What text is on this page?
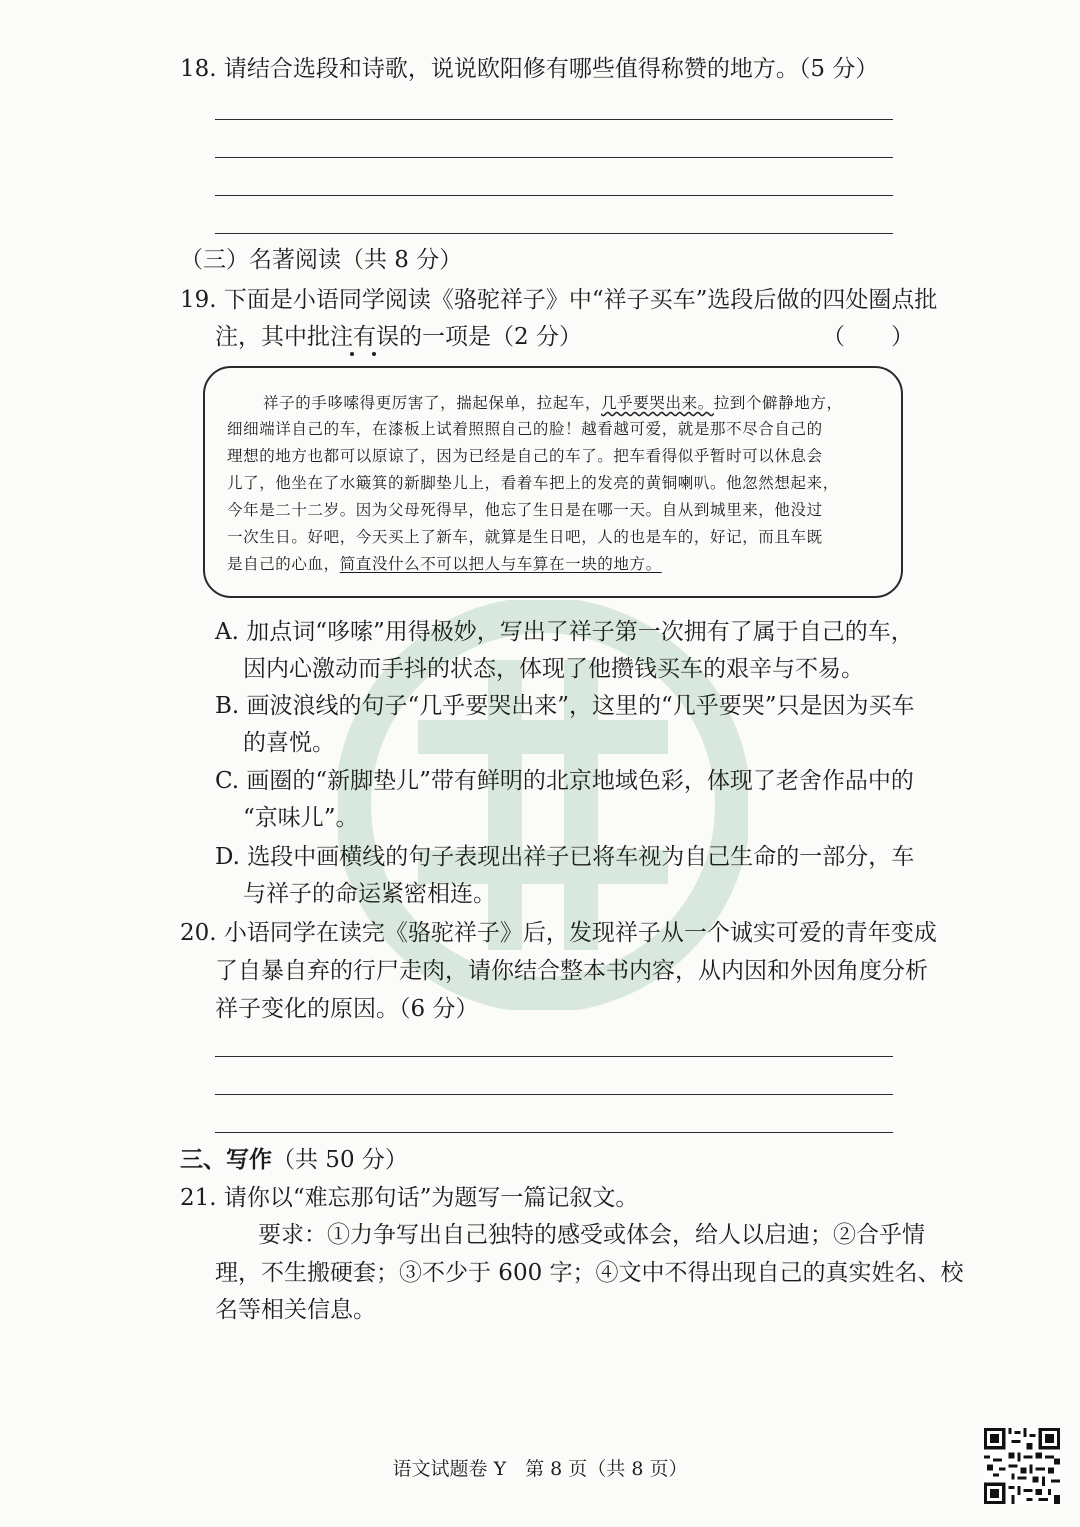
18. 请结合选段和诗歌，说说欧阳修有哪些值得称赞的地方。（5 分）
（三）名著阅读（共 8 分）
19. 下面是小语同学阅读《骆驼祥子》中“祥子买车”选段后做的四处圈点批
注，其中批注有误的一项是（2 分）	（　　）
祥子的手哆嗦得更厉害了，揣起保单，拉起车，几乎要哭出来。拉到个僻静地方，
细细端详自己的车，在漆板上试着照照自己的脸！越看越可爱，就是那不尽合自己的
理想的地方也都可以原谅了，因为已经是自己的车了。把车看得似乎暂时可以休息会
儿了，他坐在了水簸箕的新脚垫儿上，看着车把上的发亮的黄铜喇叭。他忽然想起来，
今年是二十二岁。因为父母死得早，他忘了生日是在哪一天。自从到城里来，他没过
一次生日。好吧，今天买上了新车，就算是生日吧，人的也是车的，好记，而且车既
是自己的心血，简直没什么不可以把人与车算在一块的地方。
A. 加点词“哆嗦”用得极妙，写出了祥子第一次拥有了属于自己的车，
因内心激动而手抖的状态，体现了他攒钱买车的艰辛与不易。
B. 画波浪线的句子“几乎要哭出来”，这里的“几乎要哭”只是因为买车
的喜悦。
C. 画圈的“新脚垫儿”带有鲜明的北京地域色彩，体现了老舍作品中的
“京味儿”。
D. 选段中画横线的句子表现出祥子已将车视为自己生命的一部分，车
与祥子的命运紧密相连。
20. 小语同学在读完《骆驼祥子》后，发现祥子从一个诚实可爱的青年变成
了自暴自弃的行尸走肉，请你结合整本书内容，从内因和外因角度分析
祥子变化的原因。（6 分）
三、写作（共 50 分）
21. 请你以“难忘那句话”为题写一篇记叙文。
要求：①力争写出自己独特的感受或体会，给人以启迪；②合乎情
理，不生搬硬套；③不少于 600 字；④文中不得出现自己的真实姓名、校
名等相关信息。
语文试题卷 Y　第 8 页（共 8 页）
